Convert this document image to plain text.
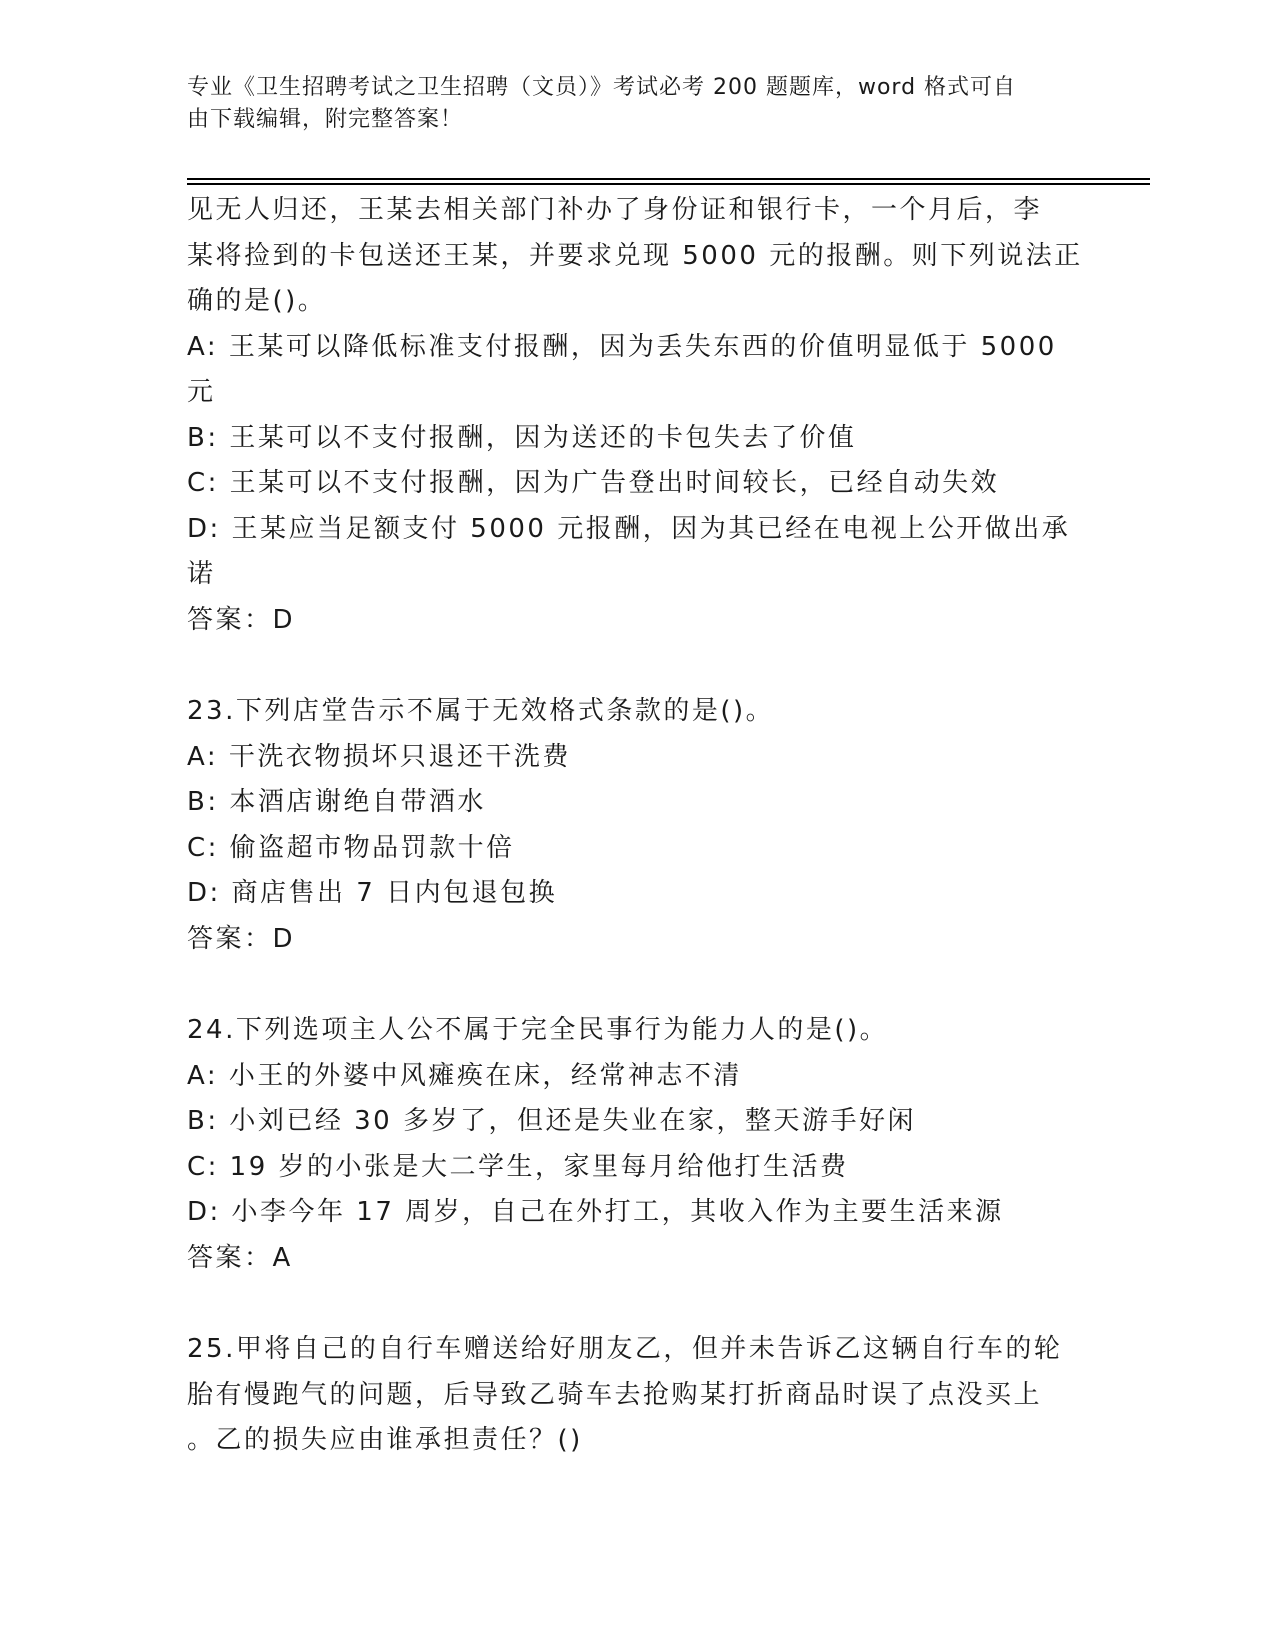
专业《卫生招聘考试之卫生招聘（文员）》考试必考 200 题题库，word 格式可自
由下载编辑，附完整答案！
见无人归还，王某去相关部门补办了身份证和银行卡，一个月后，李
某将捡到的卡包送还王某，并要求兑现 5000 元的报酬。则下列说法正
确的是()。
A: 王某可以降低标准支付报酬，因为丢失东西的价值明显低于 5000
元
B: 王某可以不支付报酬，因为送还的卡包失去了价值
C: 王某可以不支付报酬，因为广告登出时间较长，已经自动失效
D: 王某应当足额支付 5000 元报酬，因为其已经在电视上公开做出承
诺
答案：D
23.下列店堂告示不属于无效格式条款的是()。
A: 干洗衣物损坏只退还干洗费
B: 本酒店谢绝自带酒水
C: 偷盗超市物品罚款十倍
D: 商店售出 7 日内包退包换
答案：D
24.下列选项主人公不属于完全民事行为能力人的是()。
A: 小王的外婆中风瘫痪在床，经常神志不清
B: 小刘已经 30 多岁了，但还是失业在家，整天游手好闲
C: 19 岁的小张是大二学生，家里每月给他打生活费
D: 小李今年 17 周岁，自己在外打工，其收入作为主要生活来源
答案：A
25.甲将自己的自行车赠送给好朋友乙，但并未告诉乙这辆自行车的轮
胎有慢跑气的问题，后导致乙骑车去抢购某打折商品时误了点没买上
。乙的损失应由谁承担责任？()
